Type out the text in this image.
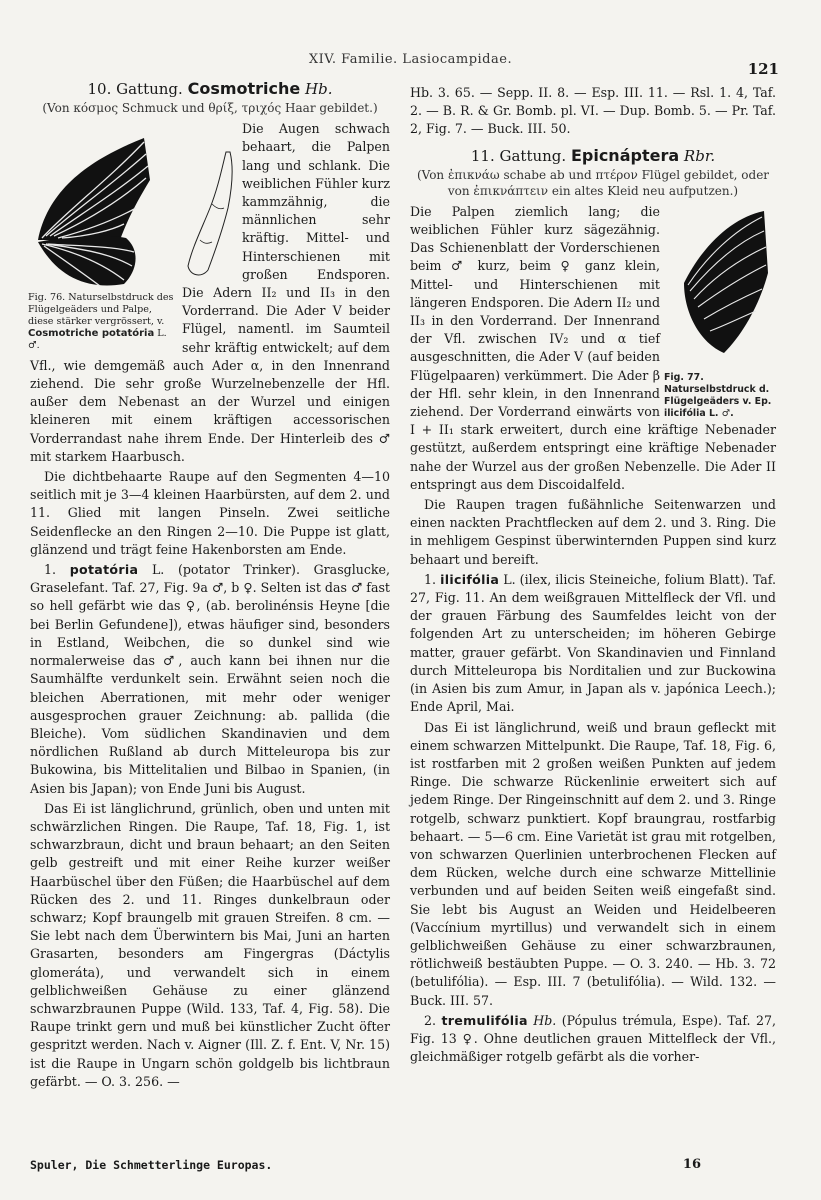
XIV. Familie. Lasiocampidae.
121
10. Gattung. Cosmotriche Hb.
(Von κόσμος Schmuck und θρίξ, τριχός Haar gebildet.)
Fig. 76. Naturselbstdruck des Flügelgeäders und Palpe, diese stärker vergrössert, v. Cosmotriche potatória L. ♂.

Die Augen schwach behaart, die Palpen lang und schlank. Die weiblichen Fühler kurz kammzähnig, die männlichen sehr kräftig. Mittel- und Hinterschienen mit großen Endsporen. Die Adern II₂ und II₃ in den Vorderrand. Die Ader V beider Flügel, namentl. im Saumteil sehr kräftig entwickelt; auf dem Vfl., wie demgemäß auch Ader α, in den Innenrand ziehend. Die sehr große Wurzelnebenzelle der Hfl. außer dem Nebenast an der Wurzel und einigen kleineren mit einem kräftigen accessorischen Vorderrandast nahe ihrem Ende. Der Hinterleib des ♂ mit starkem Haarbusch.

Die dichtbehaarte Raupe auf den Segmenten 4—10 seitlich mit je 3—4 kleinen Haarbürsten, auf dem 2. und 11. Glied mit langen Pinseln. Zwei seitliche Seidenflecke an den Ringen 2—10. Die Puppe ist glatt, glänzend und trägt feine Hakenborsten am Ende.

1. potatória L. (potator Trinker). Grasglucke, Graselefant. Taf. 27, Fig. 9a ♂, b ♀. Selten ist das ♂ fast so hell gefärbt wie das ♀, (ab. berolinénsis Heyne [die bei Berlin Gefundene]), etwas häufiger sind, besonders in Estland, Weibchen, die so dunkel sind wie normalerweise das ♂, auch kann bei ihnen nur die Saumhälfte verdunkelt sein. Erwähnt seien noch die bleichen Aberrationen, mit mehr oder weniger ausgesprochen grauer Zeichnung: ab. pallida (die Bleiche). Vom südlichen Skandinavien und dem nördlichen Rußland ab durch Mitteleuropa bis zur Bukowina, bis Mittelitalien und Bilbao in Spanien, (in Asien bis Japan); von Ende Juni bis August.

Das Ei ist länglichrund, grünlich, oben und unten mit schwärzlichen Ringen. Die Raupe, Taf. 18, Fig. 1, ist schwarzbraun, dicht und braun behaart; an den Seiten gelb gestreift und mit einer Reihe kurzer weißer Haarbüschel über den Füßen; die Haarbüschel auf dem Rücken des 2. und 11. Ringes dunkelbraun oder schwarz; Kopf braungelb mit grauen Streifen. 8 cm. — Sie lebt nach dem Überwintern bis Mai, Juni an harten Grasarten, besonders am Fingergras (Dáctylis glomeráta), und verwandelt sich in einem gelblichweißen Gehäuse zu einer glänzend schwarzbraunen Puppe (Wild. 133, Taf. 4, Fig. 58). Die Raupe trinkt gern und muß bei künstlicher Zucht öfter gespritzt werden. Nach v. Aigner (Ill. Z. f. Ent. V, Nr. 15) ist die Raupe in Ungarn schön goldgelb bis lichtbraun gefärbt. — O. 3. 256. —

Hb. 3. 65. — Sepp. II. 8. — Esp. III. 11. — Rsl. 1. 4, Taf. 2. — B. R. & Gr. Bomb. pl. VI. — Dup. Bomb. 5. — Pr. Taf. 2, Fig. 7. — Buck. III. 50.

11. Gattung. Epicnáptera Rbr.
(Von ἐπικνάω schabe ab und πτέρον Flügel gebildet, oder von ἐπικνάπτειν ein altes Kleid neu aufputzen.)
Fig. 77. Naturselbstdruck d. Flügelgeäders v. Ep. ilicifólia L. ♂.

Die Palpen ziemlich lang; die weiblichen Fühler kurz sägezähnig. Das Schienenblatt der Vorderschienen beim ♂ kurz, beim ♀ ganz klein, Mittel- und Hinterschienen mit längeren Endsporen. Die Adern II₂ und II₃ in den Vorderrand. Der Innenrand der Vfl. zwischen IV₂ und α tief ausgeschnitten, die Ader V (auf beiden Flügelpaaren) verkümmert. Die Ader β der Hfl. sehr klein, in den Innenrand ziehend. Der Vorderrand einwärts von I + II₁ stark erweitert, durch eine kräftige Nebenader gestützt, außerdem entspringt eine kräftige Nebenader nahe der Wurzel aus der großen Nebenzelle. Die Ader II entspringt aus dem Discoidalfeld.

Die Raupen tragen fußähnliche Seitenwarzen und einen nackten Prachtflecken auf dem 2. und 3. Ring. Die in mehligem Gespinst überwinternden Puppen sind kurz behaart und bereift.

1. ilicifólia L. (ilex, ilicis Steineiche, folium Blatt). Taf. 27, Fig. 11. An dem weißgrauen Mittelfleck der Vfl. und der grauen Färbung des Saumfeldes leicht von der folgenden Art zu unterscheiden; im höheren Gebirge matter, grauer gefärbt. Von Skandinavien und Finnland durch Mitteleuropa bis Norditalien und zur Buckowina (in Asien bis zum Amur, in Japan als v. japónica Leech.); Ende April, Mai.

Das Ei ist länglichrund, weiß und braun gefleckt mit einem schwarzen Mittelpunkt. Die Raupe, Taf. 18, Fig. 6, ist rostfarben mit 2 großen weißen Punkten auf jedem Ringe. Die schwarze Rückenlinie erweitert sich auf jedem Ringe. Der Ringeinschnitt auf dem 2. und 3. Ringe rotgelb, schwarz punktiert. Kopf braungrau, rostfarbig behaart. — 5—6 cm. Eine Varietät ist grau mit rotgelben, von schwarzen Querlinien unterbrochenen Flecken auf dem Rücken, welche durch eine schwarze Mittellinie verbunden und auf beiden Seiten weiß eingefaßt sind. Sie lebt bis August an Weiden und Heidelbeeren (Vaccínium myrtillus) und verwandelt sich in einem gelblichweißen Gehäuse zu einer schwarzbraunen, rötlichweiß bestäubten Puppe. — O. 3. 240. — Hb. 3. 72 (betulifólia). — Esp. III. 7 (betulifólia). — Wild. 132. — Buck. III. 57.

2. tremulifólia Hb. (Pópulus trémula, Espe). Taf. 27, Fig. 13 ♀. Ohne deutlichen grauen Mittelfleck der Vfl., gleichmäßiger rotgelb gefärbt als die vorher-

Spuler, Die Schmetterlinge Europas.	16
